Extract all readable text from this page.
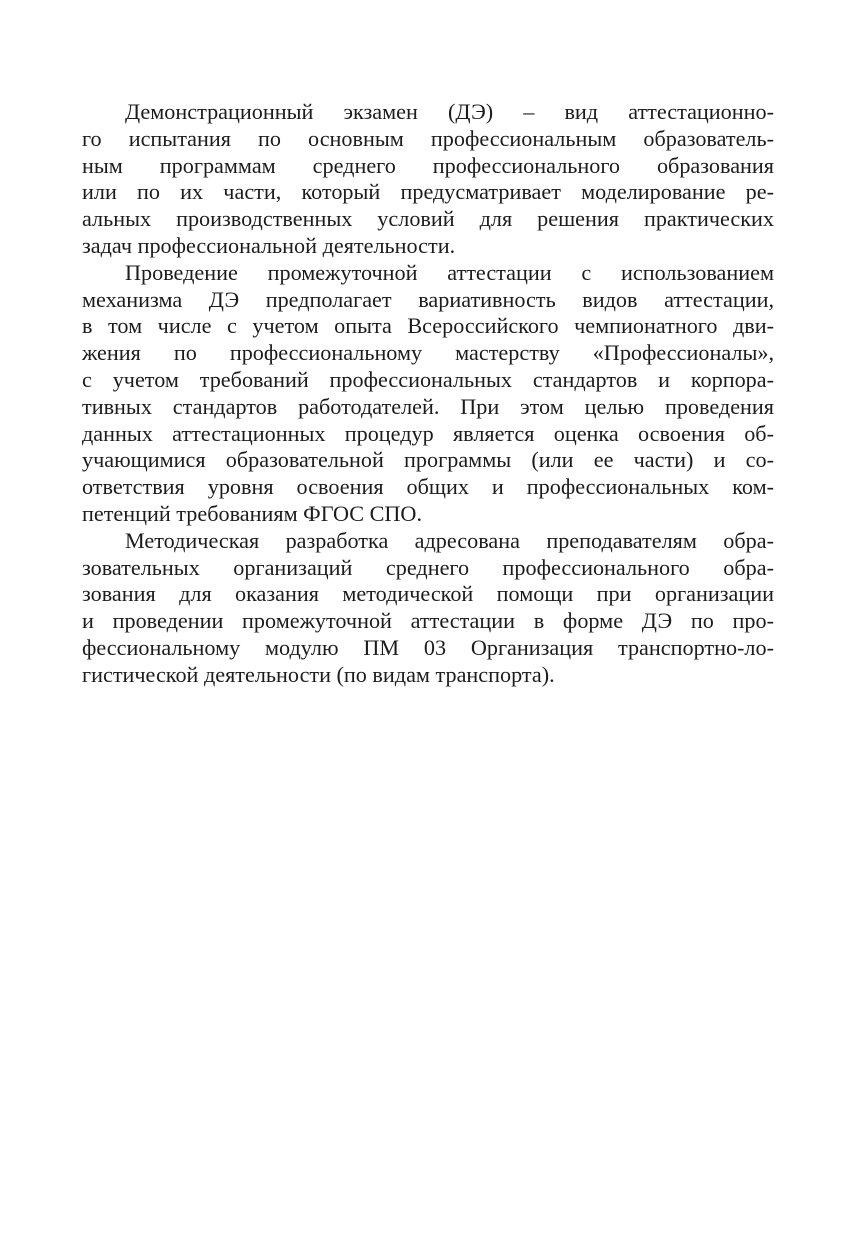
Демонстрационный экзамен (ДЭ) – вид аттестационно-
го испытания по основным профессиональным образователь-
ным программам среднего профессионального образования
или по их части, который предусматривает моделирование ре-
альных производственных условий для решения практических
задач профессиональной деятельности.

Проведение промежуточной аттестации с использованием
механизма ДЭ предполагает вариативность видов аттестации,
в том числе с учетом опыта Всероссийского чемпионатного дви-
жения по профессиональному мастерству «Профессионалы»,
с учетом требований профессиональных стандартов и корпора-
тивных стандартов работодателей. При этом целью проведения
данных аттестационных процедур является оценка освоения об-
учающимися образовательной программы (или ее части) и со-
ответствия уровня освоения общих и профессиональных ком-
петенций требованиям ФГОС СПО.

Методическая разработка адресована преподавателям обра-
зовательных организаций среднего профессионального обра-
зования для оказания методической помощи при организации
и проведении промежуточной аттестации в форме ДЭ по про-
фессиональному модулю ПМ 03 Организация транспортно-ло-
гистической деятельности (по видам транспорта).
